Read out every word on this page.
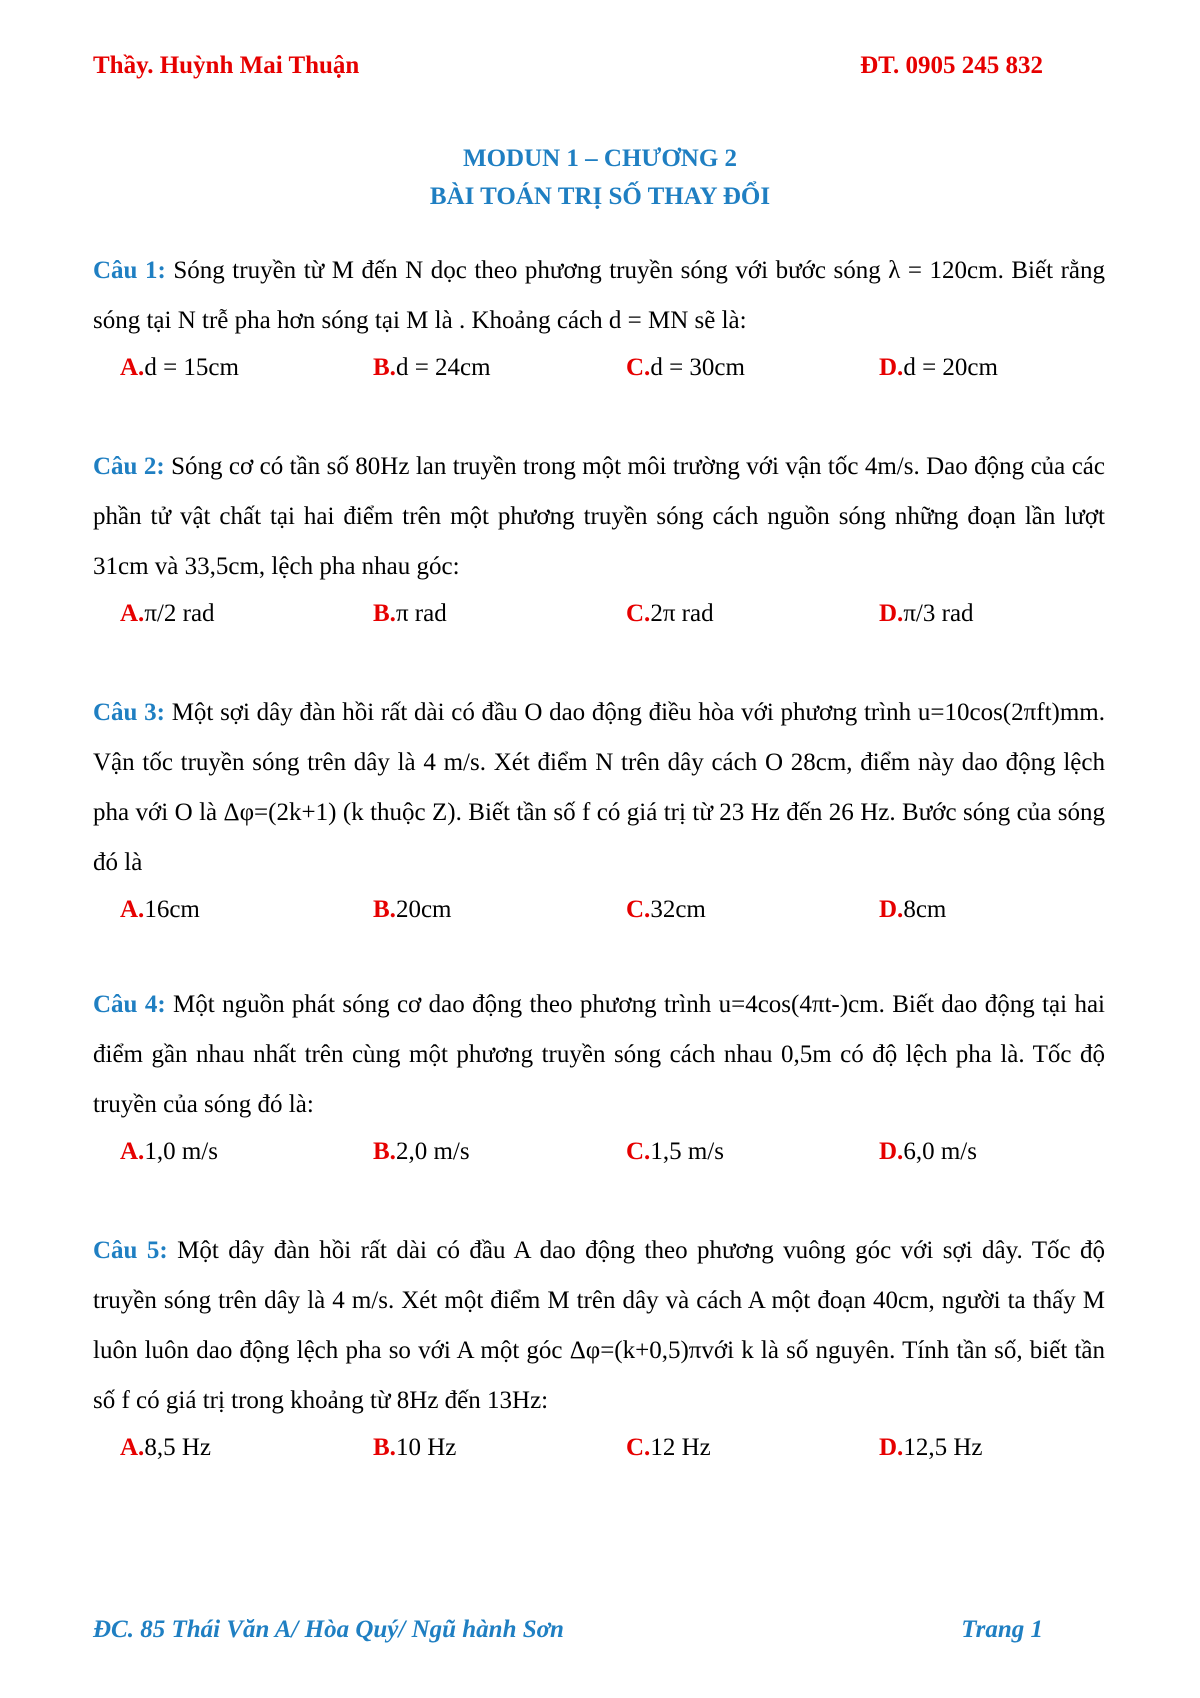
Thầy. Huỳnh Mai Thuận	ĐT. 0905 245 832
MODUN 1 – CHƯƠNG 2
BÀI TOÁN TRỊ SỐ THAY ĐỔI
Câu 1: Sóng truyền từ M đến N dọc theo phương truyền sóng với bước sóng λ = 120cm. Biết rằng sóng tại N trễ pha hơn sóng tại M là . Khoảng cách d = MN sẽ là:
A.d = 15cm	B.d = 24cm	C.d = 30cm	D.d = 20cm
Câu 2: Sóng cơ có tần số 80Hz lan truyền trong một môi trường với vận tốc 4m/s. Dao động của các phần tử vật chất tại hai điểm trên một phương truyền sóng cách nguồn sóng những đoạn lần lượt 31cm và 33,5cm, lệch pha nhau góc:
A.π/2 rad	B.π rad	C.2π rad	D.π/3 rad
Câu 3: Một sợi dây đàn hồi rất dài có đầu O dao động điều hòa với phương trình u=10cos(2πft)mm. Vận tốc truyền sóng trên dây là 4 m/s. Xét điểm N trên dây cách O 28cm, điểm này dao động lệch pha với O là Δφ=(2k+1) (k thuộc Z). Biết tần số f có giá trị từ 23 Hz đến 26 Hz. Bước sóng của sóng đó là
A.16cm	B.20cm	C.32cm	D.8cm
Câu 4: Một nguồn phát sóng cơ dao động theo phương trình u=4cos(4πt-)cm. Biết dao động tại hai điểm gần nhau nhất trên cùng một phương truyền sóng cách nhau 0,5m có độ lệch pha là. Tốc độ truyền của sóng đó là:
A.1,0 m/s	B.2,0 m/s	C.1,5 m/s	D.6,0 m/s
Câu 5: Một dây đàn hồi rất dài có đầu A dao động theo phương vuông góc với sợi dây. Tốc độ truyền sóng trên dây là 4 m/s. Xét một điểm M trên dây và cách A một đoạn 40cm, người ta thấy M luôn luôn dao động lệch pha so với A một góc Δφ=(k+0,5)πvới k là số nguyên. Tính tần số, biết tần số f có giá trị trong khoảng từ 8Hz đến 13Hz:
A.8,5 Hz	B.10 Hz	C.12 Hz	D.12,5 Hz
ĐC. 85 Thái Văn A/ Hòa Quý/ Ngũ hành Sơn	Trang 1
